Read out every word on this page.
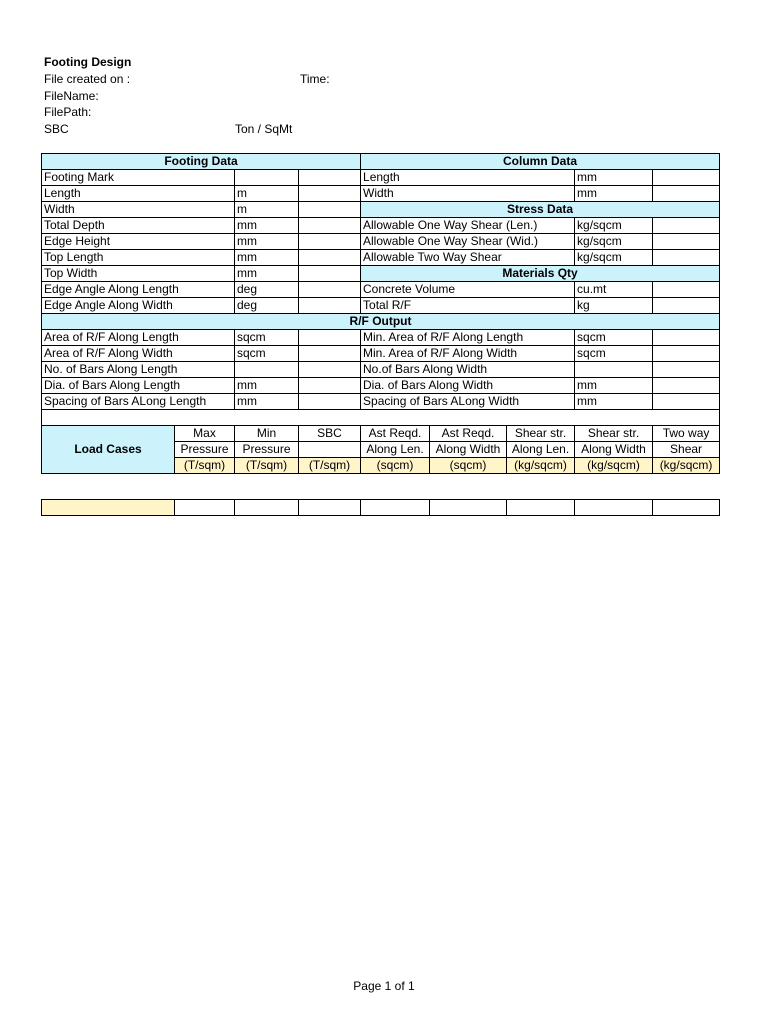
Footing Design
File created on :	Time:
FileName:
FilePath:
SBC	Ton / SqMt
Footing Data				Column Data				
Footing Mark				Length			mm	
Length		m		Width			mm	
Width		m		Stress Data				
Total Depth		mm		Allowable One Way Shear (Len.)			kg/sqcm	
Edge Height		mm		Allowable One Way Shear (Wid.)			kg/sqcm	
Top Length		mm		Allowable Two Way Shear			kg/sqcm	
Top Width		mm		Materials Qty				
Edge Angle Along Length		deg		Concrete Volume			cu.mt	
Edge Angle Along Width		deg		Total R/F			kg	
R/F Output								
Area of R/F Along Length		sqcm		Min. Area of R/F Along Length			sqcm	
Area of R/F Along Width		sqcm		Min. Area of R/F Along Width			sqcm	
No. of Bars Along Length				No.of Bars Along Width				
Dia. of Bars Along Length		mm		Dia. of Bars Along Width			mm	
Spacing of Bars ALong Length		mm		Spacing of Bars ALong Width			mm	

Load Cases	Max	Min	SBC	Ast Reqd.	Ast Reqd.	Shear str.	Shear str.	Two way
	Pressure	Pressure		Along Len.	Along Width	Along Len.	Along Width	Shear
	(T/sqm)	(T/sqm)	(T/sqm)	(sqcm)	(sqcm)	(kg/sqcm)	(kg/sqcm)	(kg/sqcm)

Page 1 of 1
